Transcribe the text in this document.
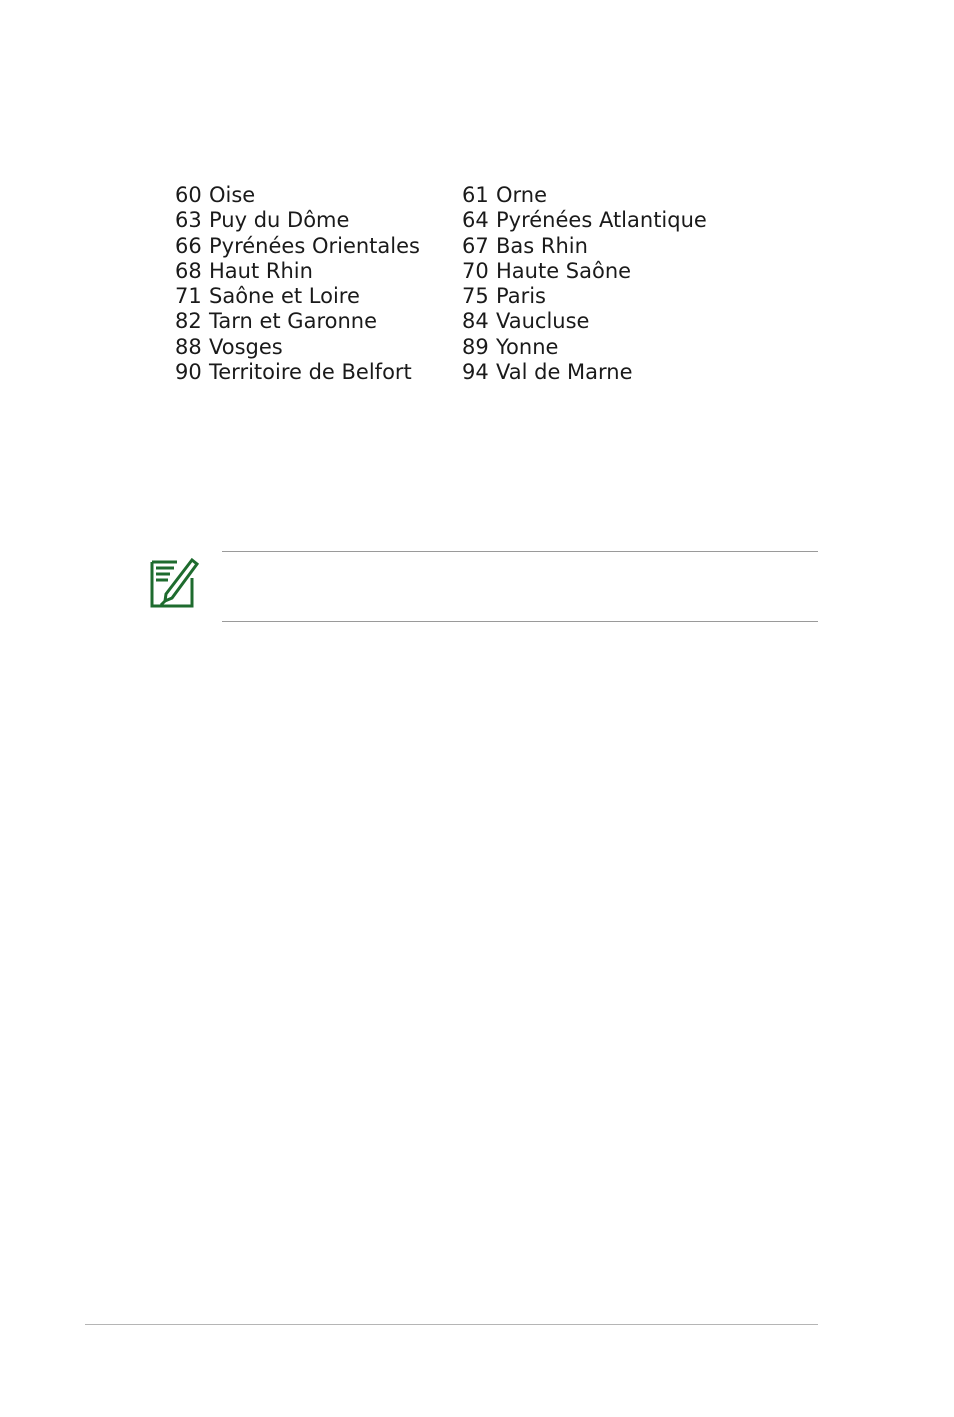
60 Oise	61 Orne
63 Puy du Dôme	64 Pyrénées Atlantique
66 Pyrénées Orientales 67 Bas Rhin
68 Haut Rhin	70 Haute Saône
71 Saône et Loire	75 Paris
82 Tarn et Garonne	84 Vaucluse
88 Vosges	89 Yonne
90 Territoire de Belfort 94 Val de Marne
